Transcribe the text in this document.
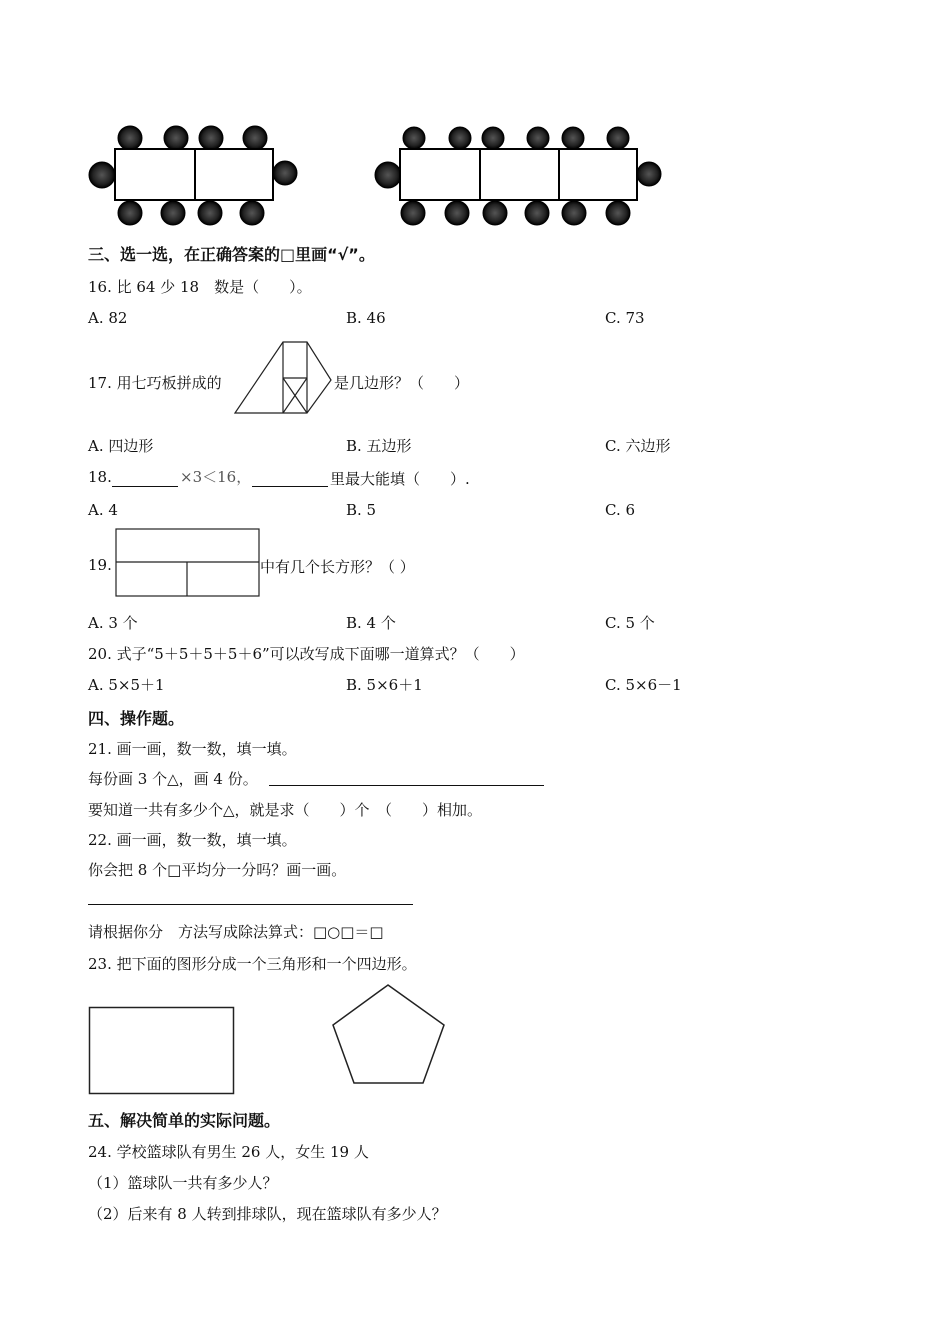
三、选一选，在正确答案的□里画“√”。
16. 比 64 少 18　数是（　　）。
A. 82	B. 46	C. 73
17. 用七巧板拼成的	是几边形？（　　）
A. 四边形	B. 五边形	C. 六边形
18.	×3＜16，	里最大能填（　　）.
A. 4	B. 5	C. 6
19.	中有几个长方形？（ ）
A. 3 个	B. 4 个	C. 5 个
20. 式子“5＋5＋5＋5＋6”可以改写成下面哪一道算式？（　　）
A. 5×5＋1	B. 5×6＋1	C. 5×6－1
四、操作题。
21. 画一画，数一数，填一填。
每份画 3 个△，画 4 份。
要知道一共有多少个△，就是求（　　）个　（　　）相加。
22. 画一画，数一数，填一填。
你会把 8 个□平均分一分吗？画一画。
请根据你分　方法写成除法算式：□○□＝□
23. 把下面的图形分成一个三角形和一个四边形。
五、解决简单的实际问题。
24. 学校篮球队有男生 26 人，女生 19 人
（1）篮球队一共有多少人？
（2）后来有 8 人转到排球队，现在篮球队有多少人？
